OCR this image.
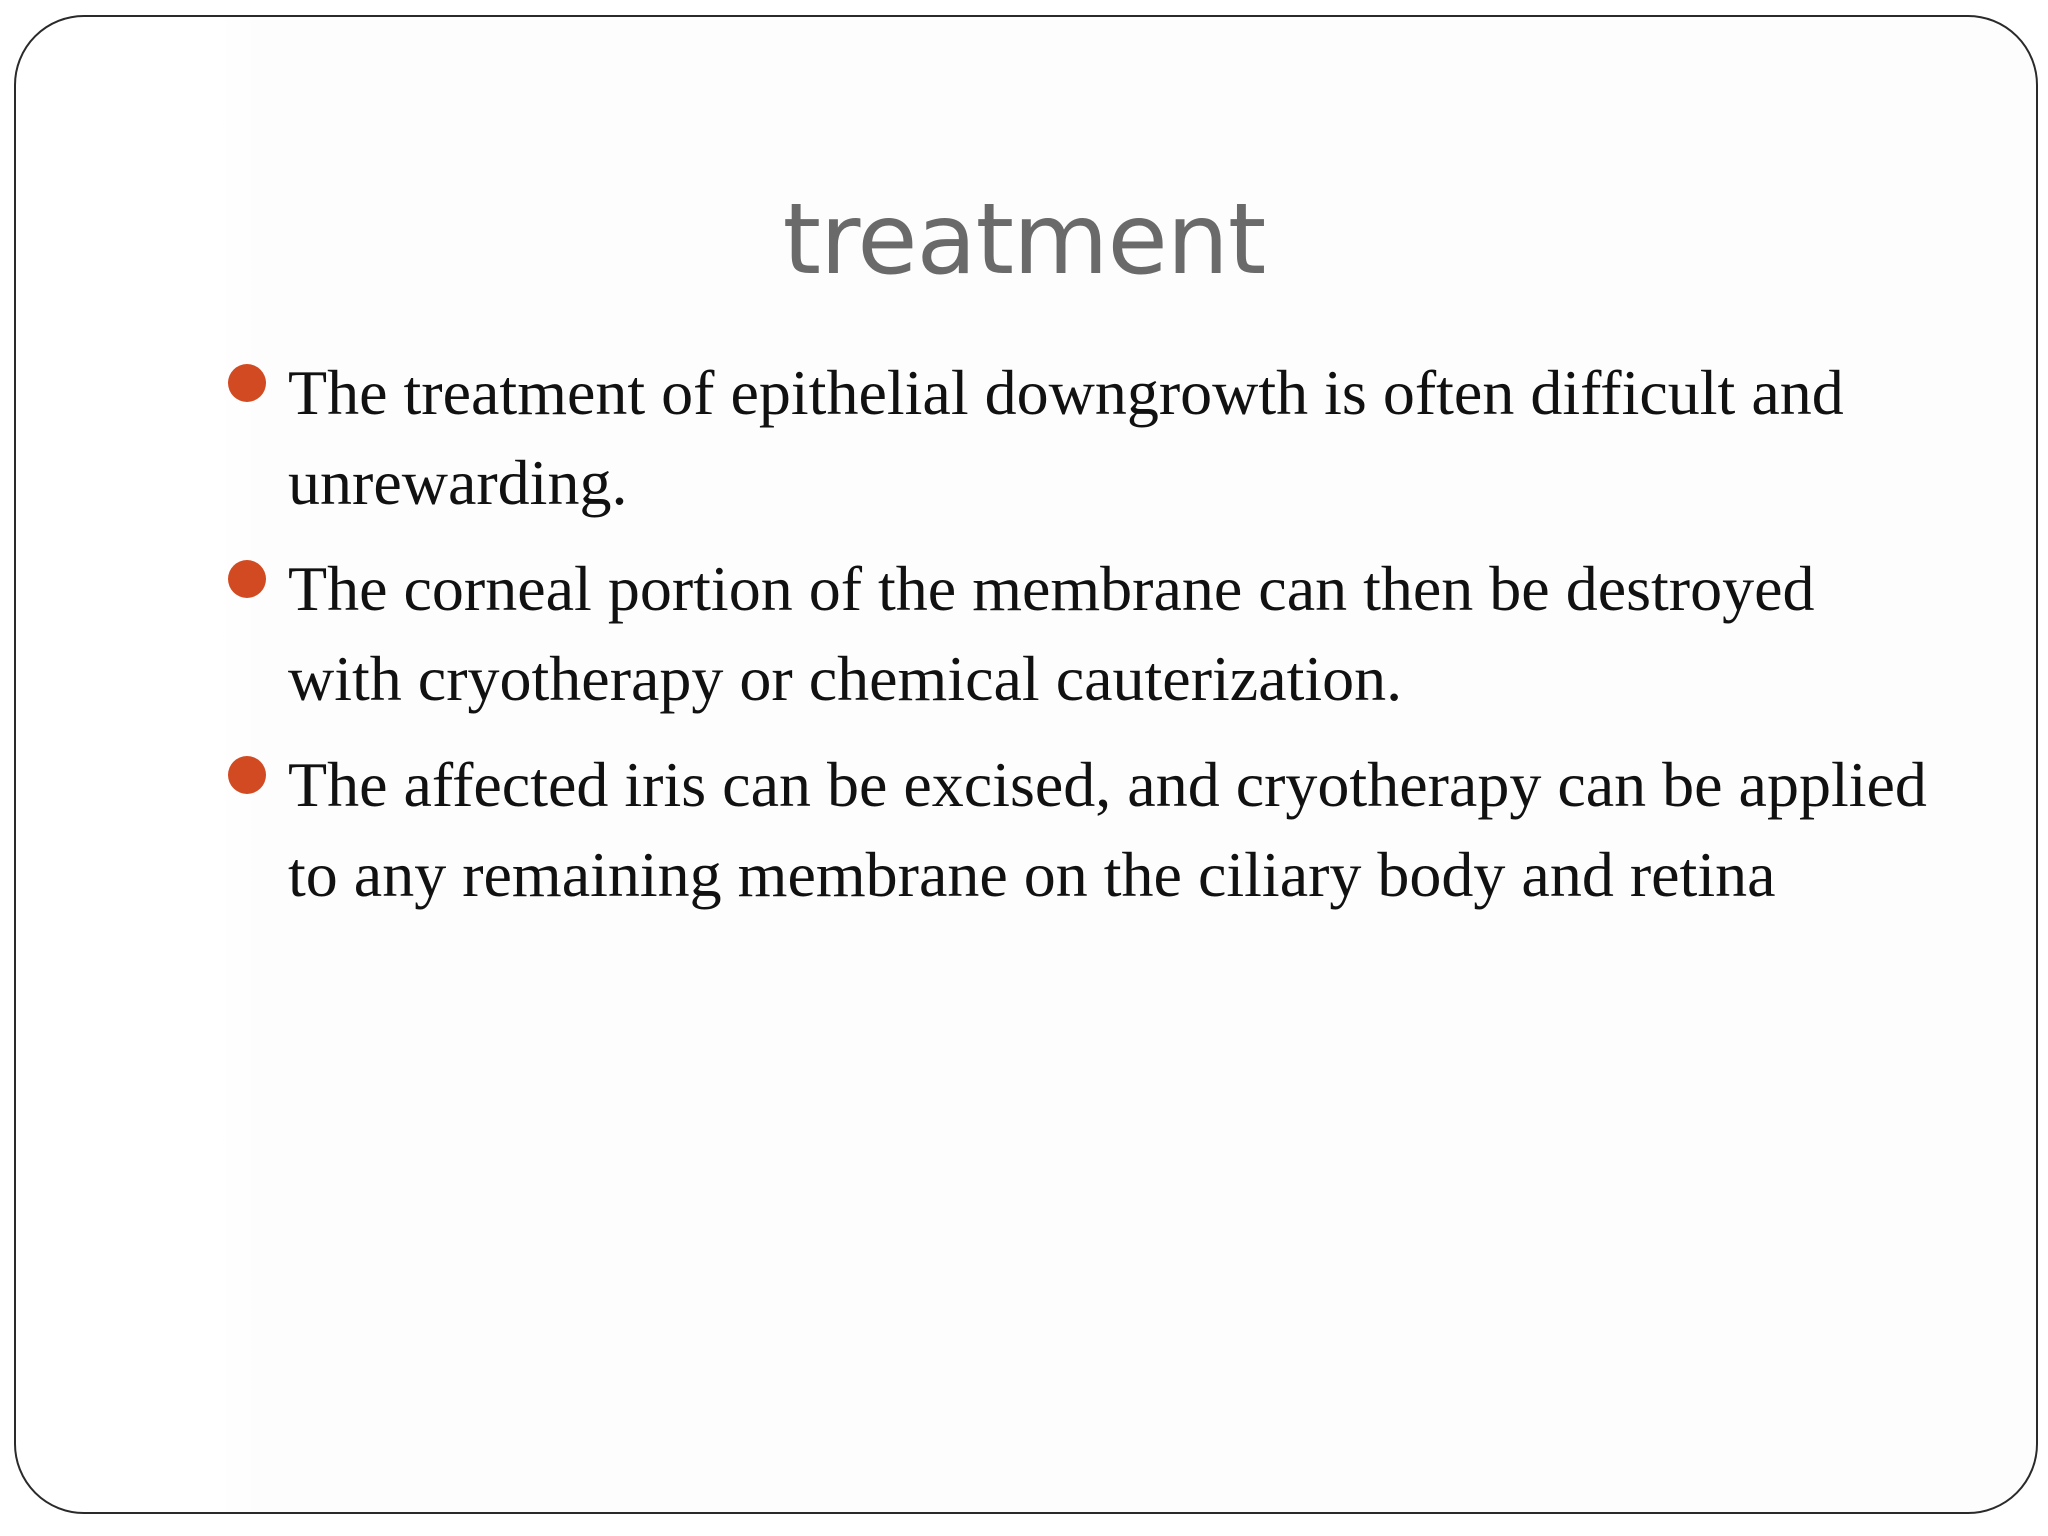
treatment
The treatment of epithelial downgrowth is often difficult and unrewarding.
The corneal portion of the membrane can then be destroyed with cryotherapy or chemical cauterization.
The affected iris can be excised, and cryotherapy can be applied to any remaining membrane on the ciliary body and retina
